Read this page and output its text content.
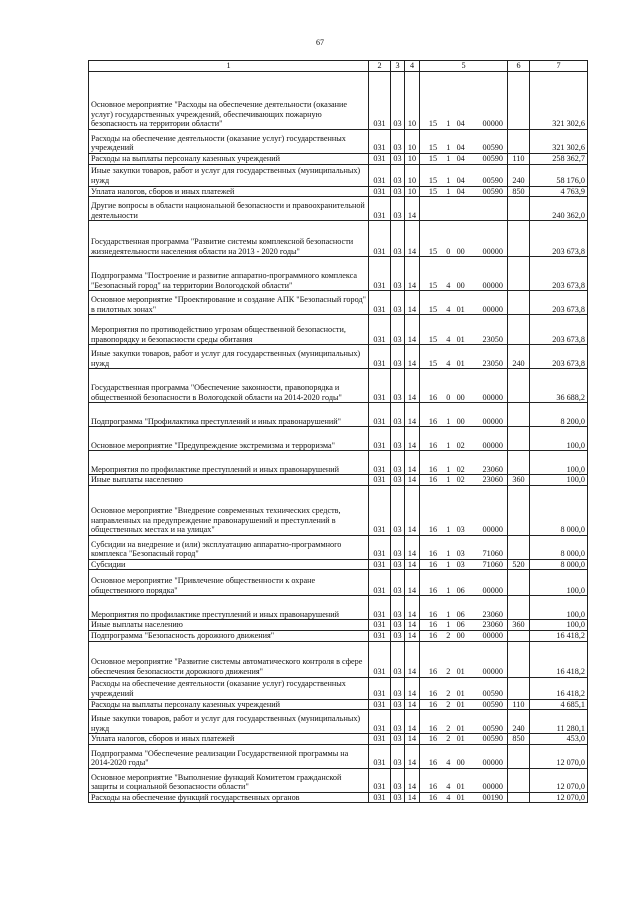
67
1	2	3	4	5	6	7
Основное мероприятие "Расходы на обеспечение деятельности (оказание услуг) государственных учреждений, обеспечивающих пожарную безопасность на территории области"	031	03	10	15 1 04 00000		321 302,6
Расходы на обеспечение деятельности (оказание услуг) государственных учреждений	031	03	10	15 1 04 00590		321 302,6
Расходы на выплаты персоналу казенных учреждений	031	03	10	15 1 04 00590	110	258 362,7
Иные закупки товаров, работ и услуг для государственных (муниципальных) нужд	031	03	10	15 1 04 00590	240	58 176,0
Уплата налогов, сборов и иных платежей	031	03	10	15 1 04 00590	850	4 763,9
Другие вопросы в области национальной безопасности и правоохранительной деятельности	031	03	14			240 362,0
Государственная программа "Развитие системы комплексной безопасности жизнедеятельности населения области на 2013 - 2020 годы"	031	03	14	15 0 00 00000		203 673,8
Подпрограмма "Построение и развитие аппаратно-программного комплекса "Безопасный город" на территории Вологодской области"	031	03	14	15 4 00 00000		203 673,8
Основное мероприятие "Проектирование и создание АПК "Безопасный город" в пилотных зонах"	031	03	14	15 4 01 00000		203 673,8
Мероприятия по противодействию угрозам общественной безопасности, правопорядку и безопасности среды обитания	031	03	14	15 4 01 23050		203 673,8
Иные закупки товаров, работ и услуг для государственных (муниципальных) нужд	031	03	14	15 4 01 23050	240	203 673,8
Государственная программа "Обеспечение законности, правопорядка и общественной безопасности в Вологодской области на 2014-2020 годы"	031	03	14	16 0 00 00000		36 688,2
Подпрограмма "Профилактика преступлений и иных правонарушений"	031	03	14	16 1 00 00000		8 200,0
Основное мероприятие "Предупреждение экстремизма и терроризма"	031	03	14	16 1 02 00000		100,0
Мероприятия по профилактике преступлений и иных правонарушений	031	03	14	16 1 02 23060		100,0
Иные выплаты населению	031	03	14	16 1 02 23060	360	100,0
Основное мероприятие "Внедрение современных технических средств, направленных на предупреждение правонарушений и преступлений в общественных местах и на улицах"	031	03	14	16 1 03 00000		8 000,0
Субсидии на внедрение и (или) эксплуатацию аппаратно-программного комплекса "Безопасный город"	031	03	14	16 1 03 71060		8 000,0
Субсидии	031	03	14	16 1 03 71060	520	8 000,0
Основное мероприятие "Привлечение общественности к охране общественного порядка"	031	03	14	16 1 06 00000		100,0
Мероприятия по профилактике преступлений и иных правонарушений	031	03	14	16 1 06 23060		100,0
Иные выплаты населению	031	03	14	16 1 06 23060	360	100,0
Подпрограмма "Безопасность дорожного движения"	031	03	14	16 2 00 00000		16 418,2
Основное мероприятие "Развитие системы автоматического контроля в сфере обеспечения безопасности дорожного движения"	031	03	14	16 2 01 00000		16 418,2
Расходы на обеспечение деятельности (оказание услуг) государственных учреждений	031	03	14	16 2 01 00590		16 418,2
Расходы на выплаты персоналу казенных учреждений	031	03	14	16 2 01 00590	110	4 685,1
Иные закупки товаров, работ и услуг для государственных (муниципальных) нужд	031	03	14	16 2 01 00590	240	11 280,1
Уплата налогов, сборов и иных платежей	031	03	14	16 2 01 00590	850	453,0
Подпрограмма "Обеспечение реализации Государственной программы на 2014-2020 годы"	031	03	14	16 4 00 00000		12 070,0
Основное мероприятие "Выполнение функций Комитетом гражданской защиты и социальной безопасности области"	031	03	14	16 4 01 00000		12 070,0
Расходы на обеспечение функций государственных органов	031	03	14	16 4 01 00190		12 070,0
